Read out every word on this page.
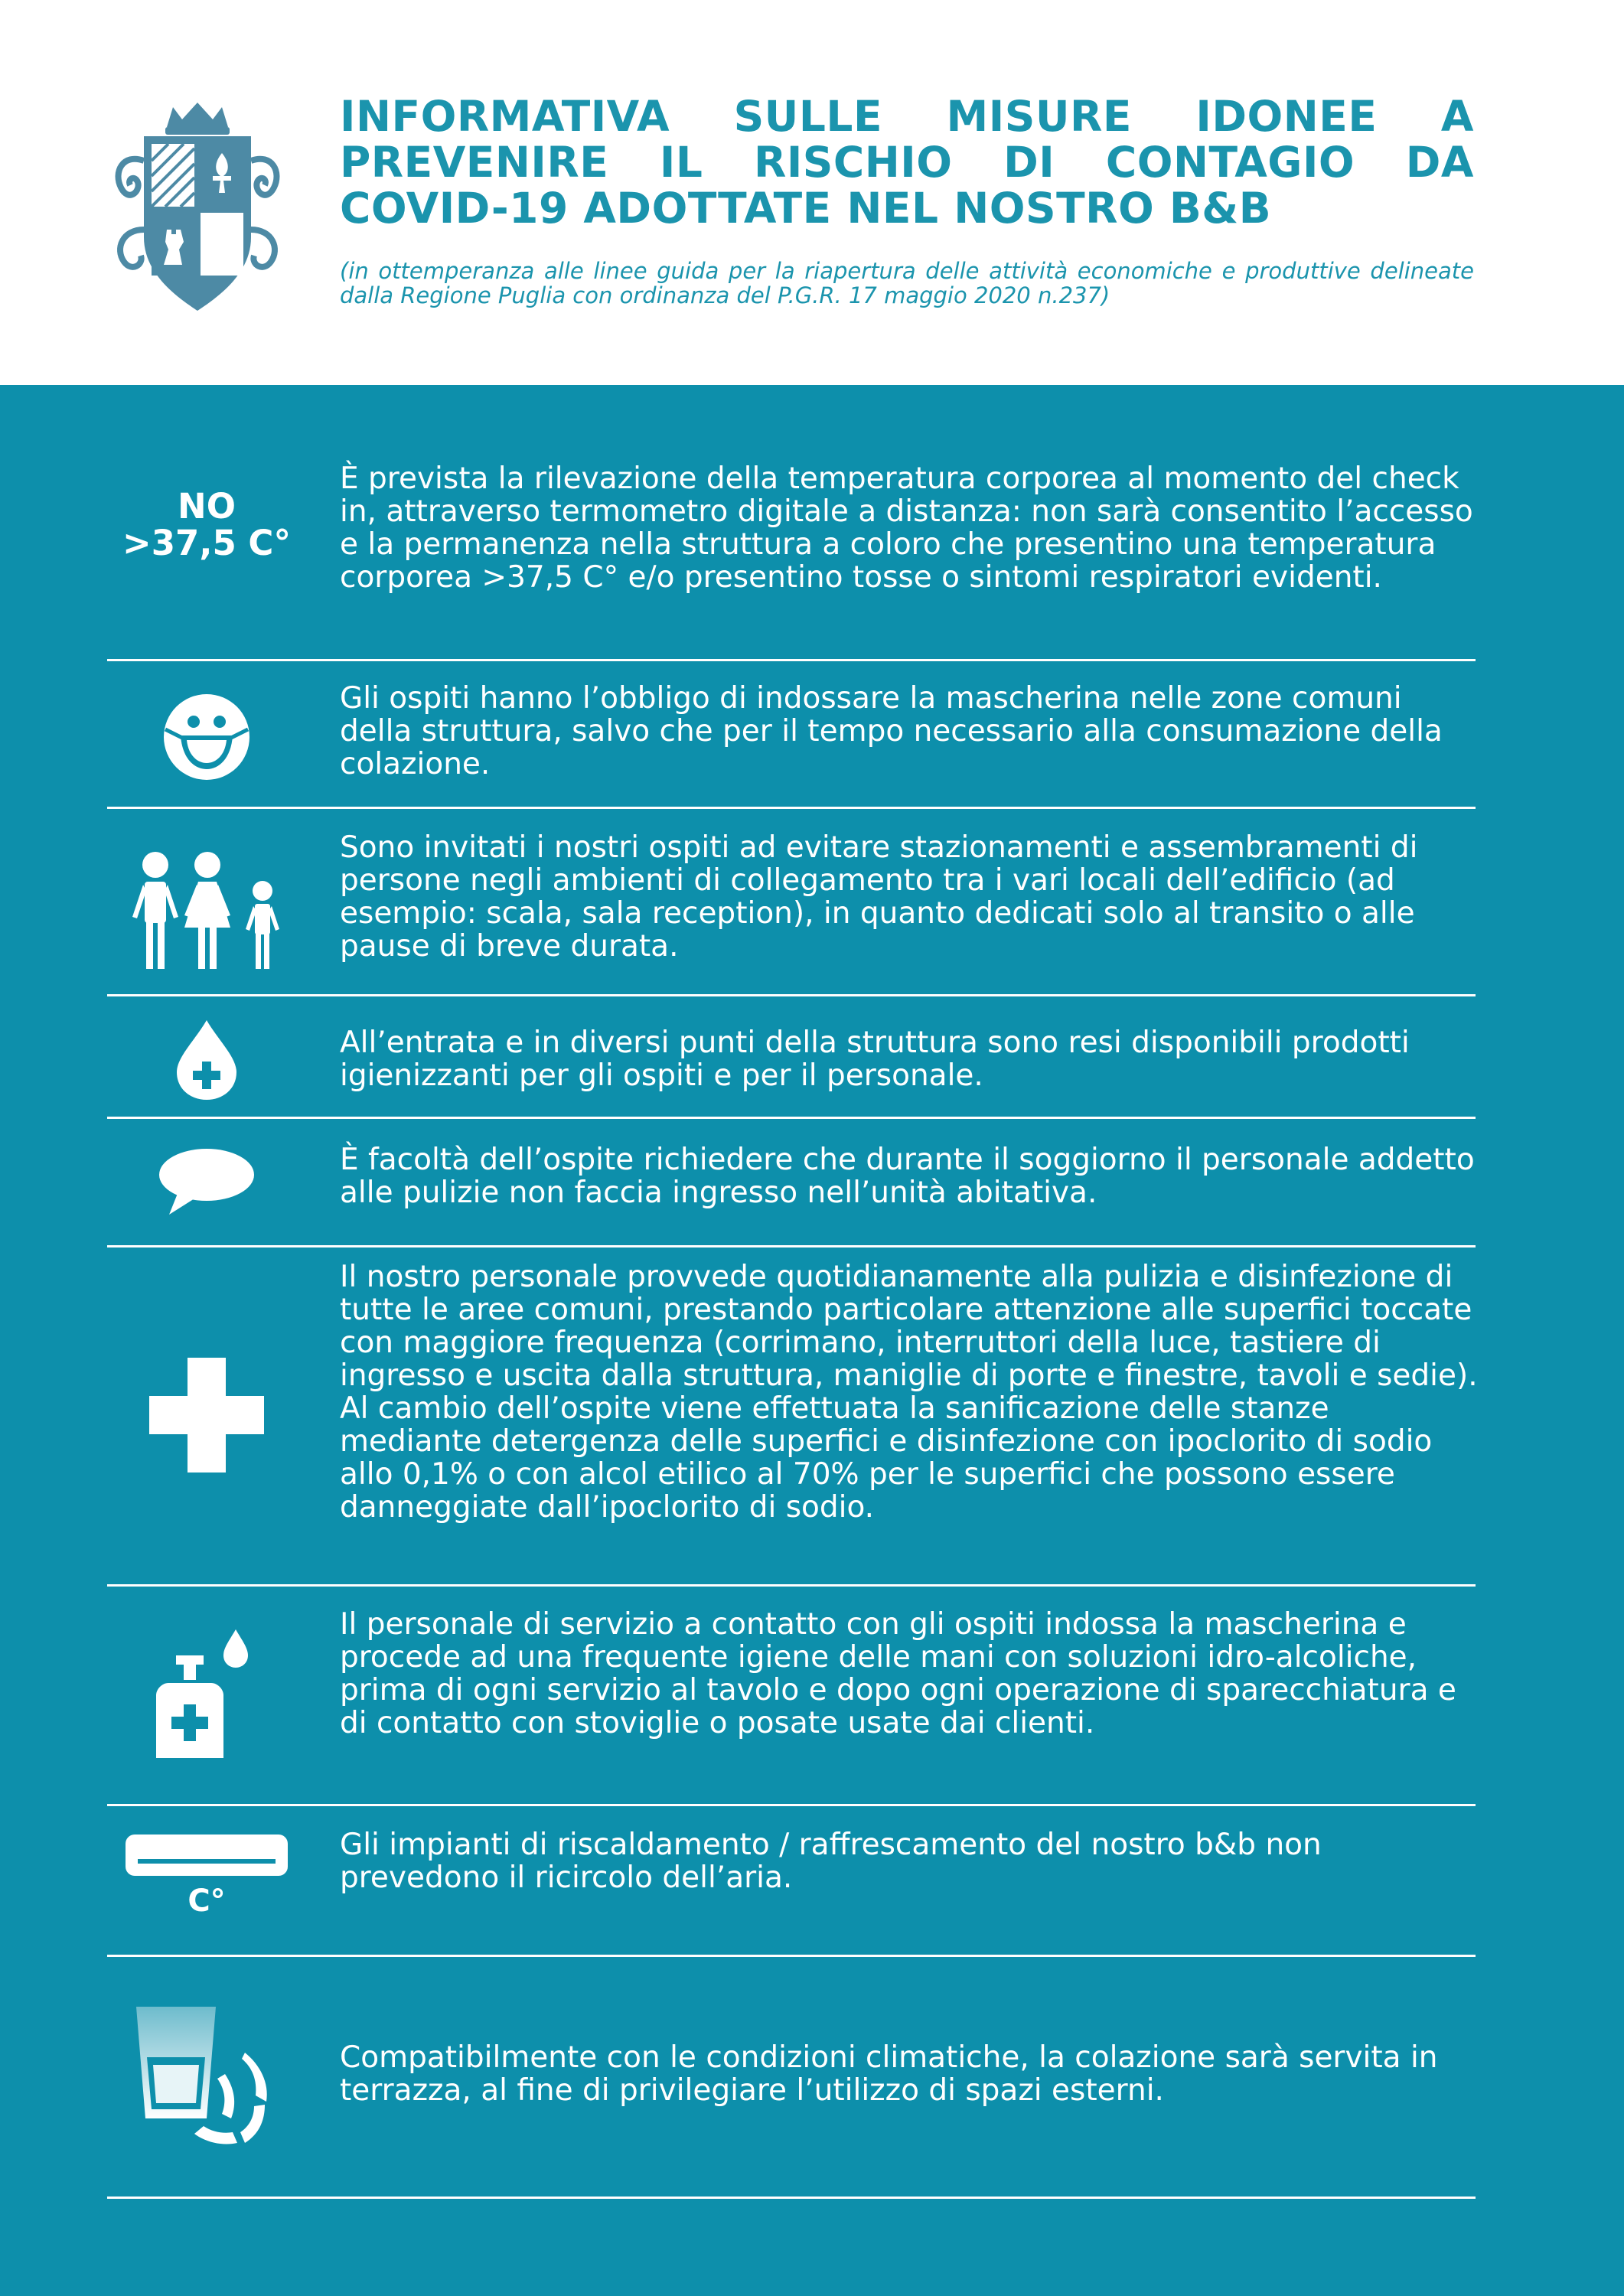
INFORMATIVA SULLE MISURE IDONEE A PREVENIRE IL RISCHIO DI CONTAGIO DA COVID-19 ADOTTATE NEL NOSTRO B&B

(in ottemperanza alle linee guida per la riapertura delle attività economiche e produttive delineate dalla Regione Puglia con ordinanza del P.G.R. 17 maggio 2020 n.237)

NO
>37,5 C°

È prevista la rilevazione della temperatura corporea al momento del check in, attraverso termometro digitale a distanza: non sarà consentito l’accesso e la permanenza nella struttura a coloro che presentino una temperatura corporea >37,5 C° e/o presentino tosse o sintomi respiratori evidenti.

Gli ospiti hanno l’obbligo di indossare la mascherina nelle zone comuni della struttura, salvo che per il tempo necessario alla consumazione della colazione.

Sono invitati i nostri ospiti ad evitare stazionamenti e assembramenti di persone negli ambienti di collegamento tra i vari locali dell’edificio (ad esempio: scala, sala reception), in quanto dedicati solo al transito o alle pause di breve durata.

All’entrata e in diversi punti della struttura sono resi disponibili prodotti igienizzanti per gli ospiti e per il personale.

È facoltà dell’ospite richiedere che durante il soggiorno il personale addetto alle pulizie non faccia ingresso nell’unità abitativa.

Il nostro personale provvede quotidianamente alla pulizia e disinfezione di tutte le aree comuni, prestando particolare attenzione alle superfici toccate con maggiore frequenza (corrimano, interruttori della luce, tastiere di ingresso e uscita dalla struttura, maniglie di porte e finestre, tavoli e sedie). Al cambio dell’ospite viene effettuata la sanificazione delle stanze mediante detergenza delle superfici e disinfezione con ipoclorito di sodio allo 0,1% o con alcol etilico al 70% per le superfici che possono essere danneggiate dall’ipoclorito di sodio.

Il personale di servizio a contatto con gli ospiti indossa la mascherina e procede ad una frequente igiene delle mani con soluzioni idro-alcoliche, prima di ogni servizio al tavolo e dopo ogni operazione di sparecchiatura e di contatto con stoviglie o posate usate dai clienti.

C°

Gli impianti di riscaldamento / raffrescamento del nostro b&b non prevedono il ricircolo dell’aria.

Compatibilmente con le condizioni climatiche, la colazione sarà servita in terrazza, al fine di privilegiare l’utilizzo di spazi esterni.
